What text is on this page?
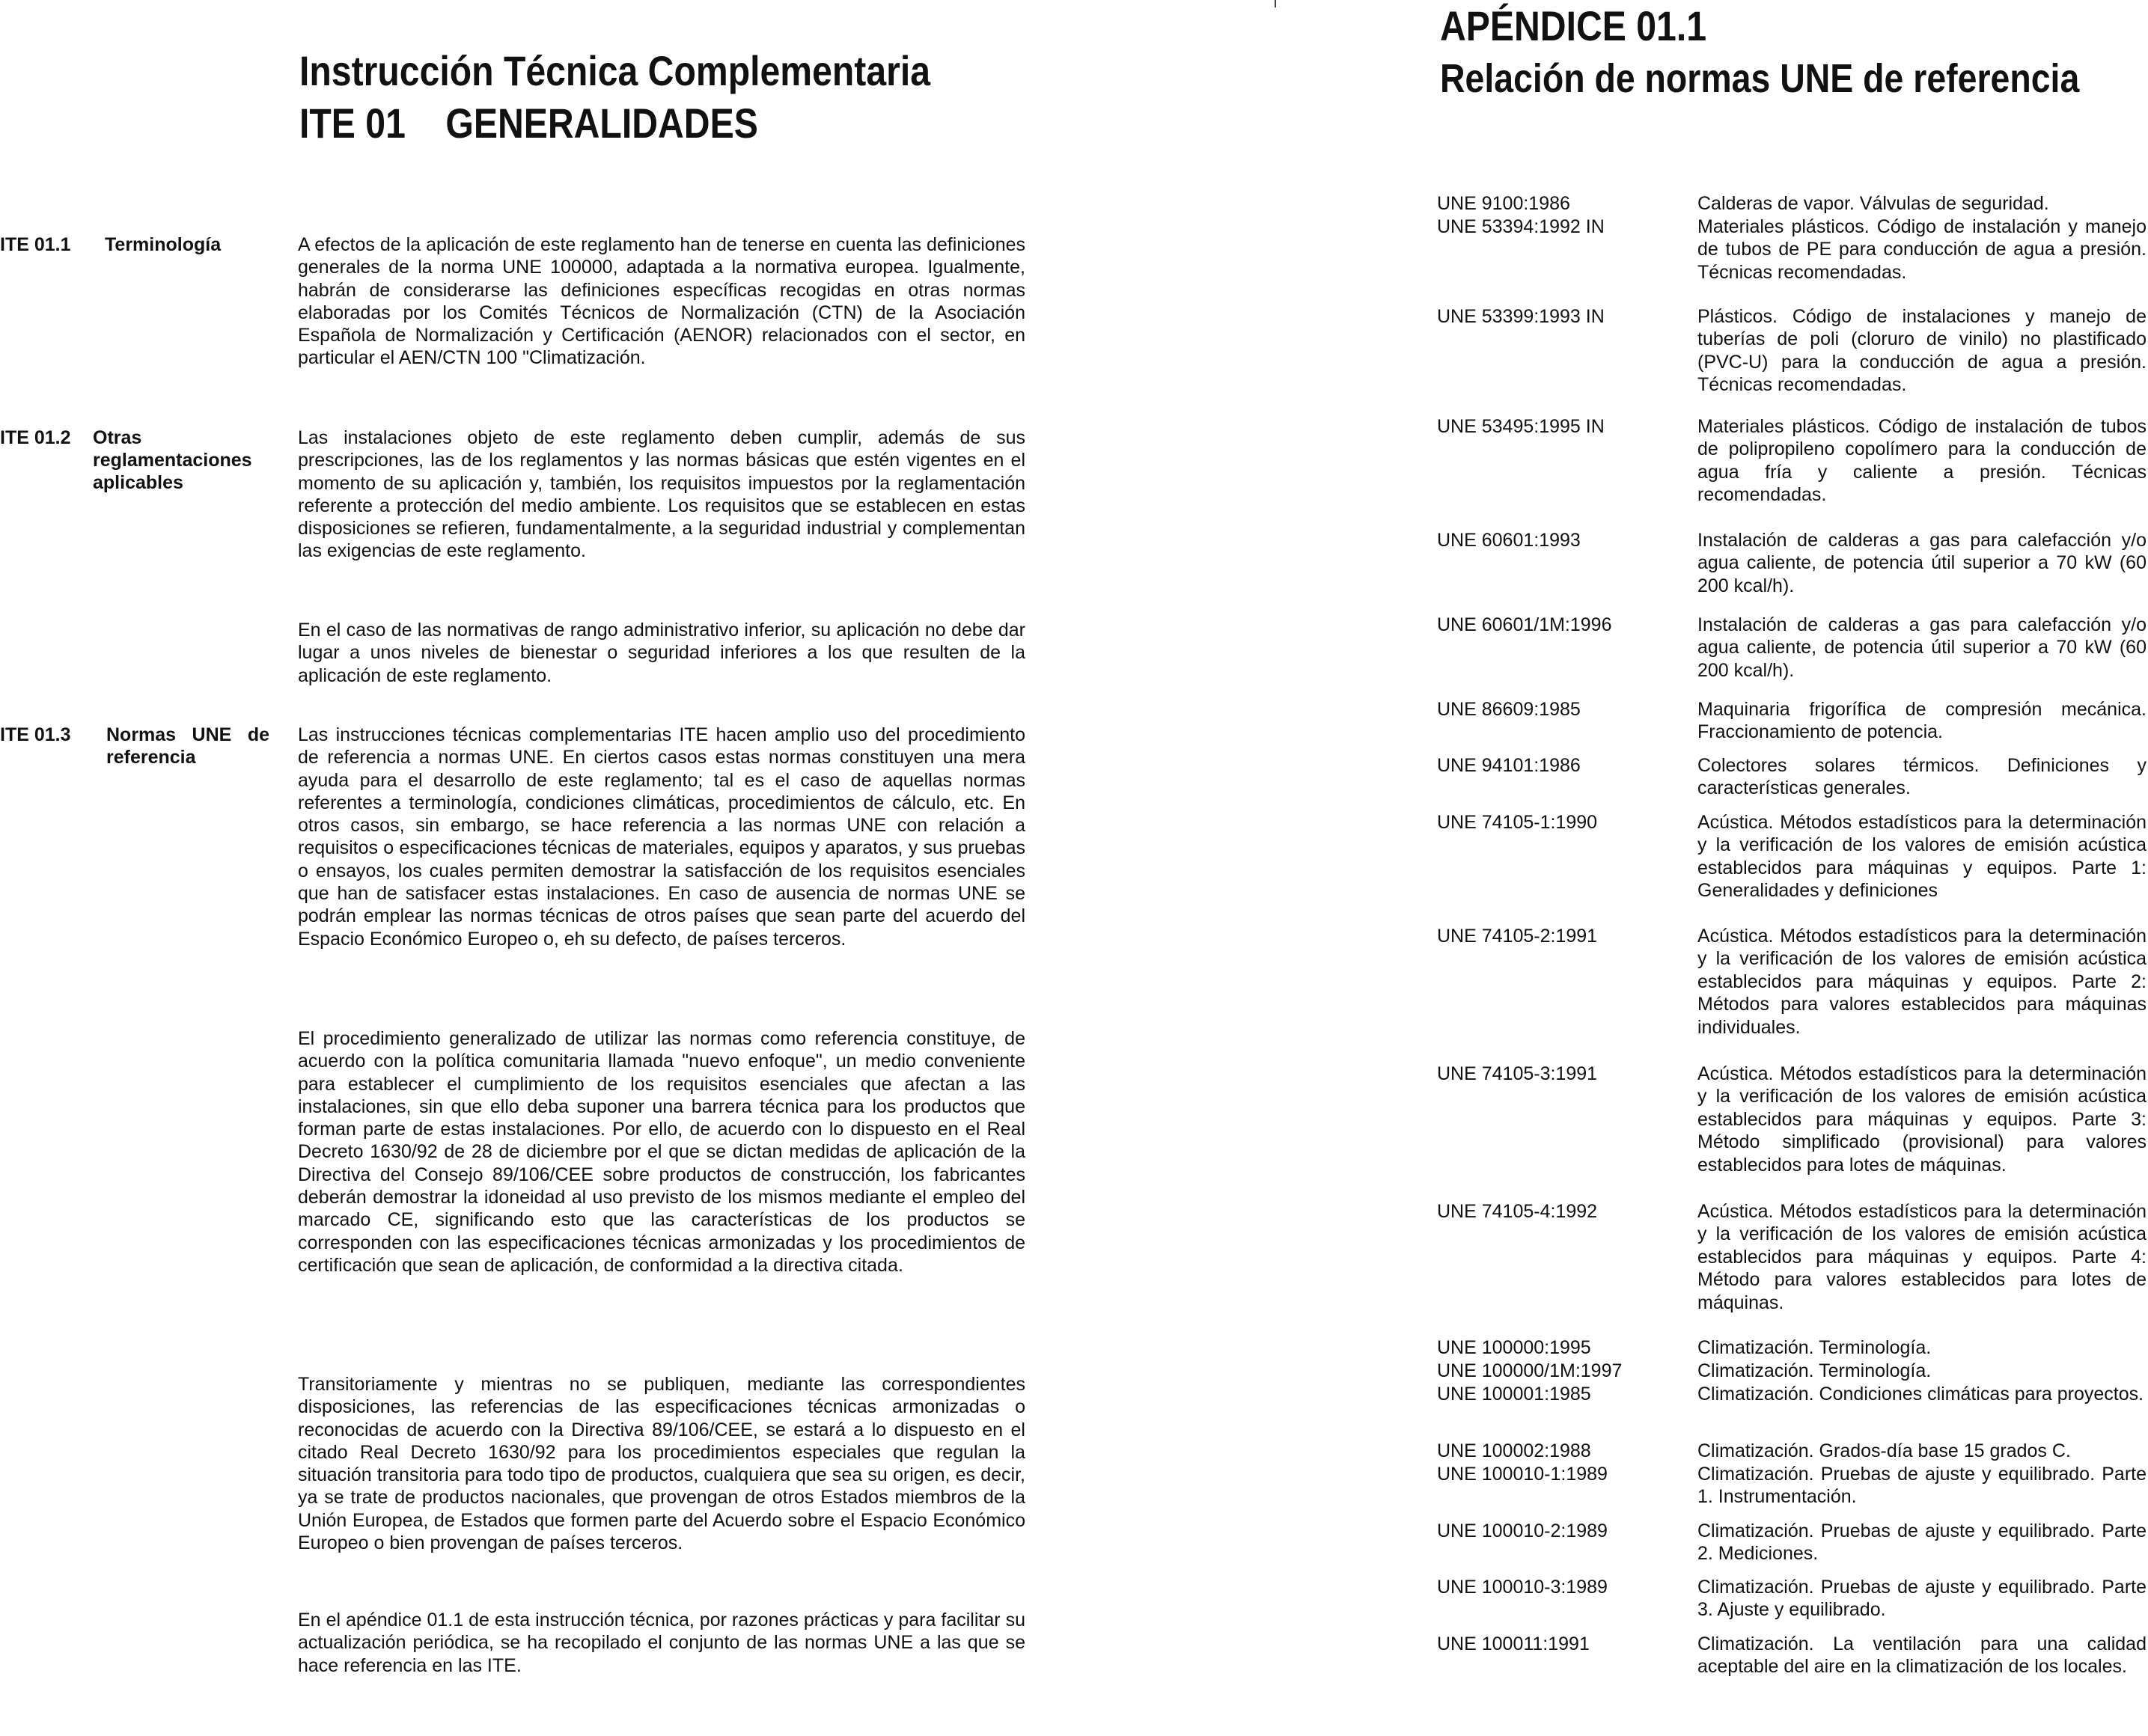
Instrucción Técnica Complementaria
ITE 01    GENERALIDADES
ITE 01.1 Terminología	A efectos de la aplicación de este reglamento han de tenerse en cuenta las definiciones generales de la norma UNE 100000, adaptada a la normativa europea. Igualmente, habrán de considerarse las definiciones específicas recogidas en otras normas elaboradas por los Comités Técnicos de Normalización (CTN) de la Asociación Española de Normalización y Certificación (AENOR) relacionados con el sector, en particular el AEN/CTN 100 "Climatización.
ITE 01.2 Otras reglamentaciones aplicables
Las instalaciones objeto de este reglamento deben cumplir, además de sus prescripciones, las de los reglamentos y las normas básicas que estén vigentes en el momento de su aplicación y, también, los requisitos impuestos por la reglamentación referente a protección del medio ambiente. Los requisitos que se establecen en estas disposiciones se refieren, fundamentalmente, a la seguridad industrial y complementan las exigencias de este reglamento.
En el caso de las normativas de rango administrativo inferior, su aplicación no debe dar lugar a unos niveles de bienestar o seguridad inferiores a los que resulten de la aplicación de este reglamento.
ITE 01.3 Normas UNE de referencia
Las instrucciones técnicas complementarias ITE hacen amplio uso del procedimiento de referencia a normas UNE. En ciertos casos estas normas constituyen una mera ayuda para el desarrollo de este reglamento; tal es el caso de aquellas normas referentes a terminología, condiciones climáticas, procedimientos de cálculo, etc. En otros casos, sin embargo, se hace referencia a las normas UNE con relación a requisitos o especificaciones técnicas de materiales, equipos y aparatos, y sus pruebas o ensayos, los cuales permiten demostrar la satisfacción de los requisitos esenciales que han de satisfacer estas instalaciones. En caso de ausencia de normas UNE se podrán emplear las normas técnicas de otros países que sean parte del acuerdo del Espacio Económico Europeo o, eh su defecto, de países terceros.
El procedimiento generalizado de utilizar las normas como referencia constituye, de acuerdo con la política comunitaria llamada "nuevo enfoque", un medio conveniente para establecer el cumplimiento de los requisitos esenciales que afectan a las instalaciones, sin que ello deba suponer una barrera técnica para los productos que forman parte de estas instalaciones. Por ello, de acuerdo con lo dispuesto en el Real Decreto 1630/92 de 28 de diciembre por el que se dictan medidas de aplicación de la Directiva del Consejo 89/106/CEE sobre productos de construcción, los fabricantes deberán demostrar la idoneidad al uso previsto de los mismos mediante el empleo del marcado CE, significando esto que las características de los productos se corresponden con las especificaciones técnicas armonizadas y los procedimientos de certificación que sean de aplicación, de conformidad a la directiva citada.
Transitoriamente y mientras no se publiquen, mediante las correspondientes disposiciones, las referencias de las especificaciones técnicas armonizadas o reconocidas de acuerdo con la Directiva 89/106/CEE, se estará a lo dispuesto en el citado Real Decreto 1630/92 para los procedimientos especiales que regulan la situación transitoria para todo tipo de productos, cualquiera que sea su origen, es decir, ya se trate de productos nacionales, que provengan de otros Estados miembros de la Unión Europea, de Estados que formen parte del Acuerdo sobre el Espacio Económico Europeo o bien provengan de países terceros.
En el apéndice 01.1 de esta instrucción técnica, por razones prácticas y para facilitar su actualización periódica, se ha recopilado el conjunto de las normas UNE a las que se hace referencia en las ITE.
APÉNDICE 01.1
Relación de normas UNE de referencia
UNE 9100:1986	Calderas de vapor. Válvulas de seguridad.
UNE 53394:1992 IN	Materiales plásticos. Código de instalación y manejo de tubos de PE para conducción de agua a presión. Técnicas recomendadas.
UNE 53399:1993 IN	Plásticos. Código de instalaciones y manejo de tuberías de poli (cloruro de vinilo) no plastificado (PVC-U) para la conducción de agua a presión. Técnicas recomendadas.
UNE 53495:1995 IN	Materiales plásticos. Código de instalación de tubos de polipropileno copolímero para la conducción de agua fría y caliente a presión. Técnicas recomendadas.
UNE 60601:1993	Instalación de calderas a gas para calefacción y/o agua caliente, de potencia útil superior a 70 kW (60 200 kcal/h).
UNE 60601/1M:1996	Instalación de calderas a gas para calefacción y/o agua caliente, de potencia útil superior a 70 kW (60 200 kcal/h).
UNE 86609:1985	Maquinaria frigorífica de compresión mecánica. Fraccionamiento de potencia.
UNE 94101:1986	Colectores solares térmicos. Definiciones y características generales.
UNE 74105-1:1990	Acústica. Métodos estadísticos para la determinación y la verificación de los valores de emisión acústica establecidos para máquinas y equipos. Parte 1: Generalidades y definiciones
UNE 74105-2:1991	Acústica. Métodos estadísticos para la determinación y la verificación de los valores de emisión acústica establecidos para máquinas y equipos. Parte 2: Métodos para valores establecidos para máquinas individuales.
UNE 74105-3:1991	Acústica. Métodos estadísticos para la determinación y la verificación de los valores de emisión acústica establecidos para máquinas y equipos. Parte 3: Método simplificado (provisional) para valores establecidos para lotes de máquinas.
UNE 74105-4:1992	Acústica. Métodos estadísticos para la determinación y la verificación de los valores de emisión acústica establecidos para máquinas y equipos. Parte 4: Método para valores establecidos para lotes de máquinas.
UNE 100000:1995	Climatización. Terminología.
UNE 100000/1M:1997	Climatización. Terminología.
UNE 100001:1985	Climatización. Condiciones climáticas para proyectos.
UNE 100002:1988	Climatización. Grados-día base 15 grados C.
UNE 100010-1:1989	Climatización. Pruebas de ajuste y equilibrado. Parte 1. Instrumentación.
UNE 100010-2:1989	Climatización. Pruebas de ajuste y equilibrado. Parte 2. Mediciones.
UNE 100010-3:1989	Climatización. Pruebas de ajuste y equilibrado. Parte 3. Ajuste y equilibrado.
UNE 100011:1991	Climatización. La ventilación para una calidad aceptable del aire en la climatización de los locales.
